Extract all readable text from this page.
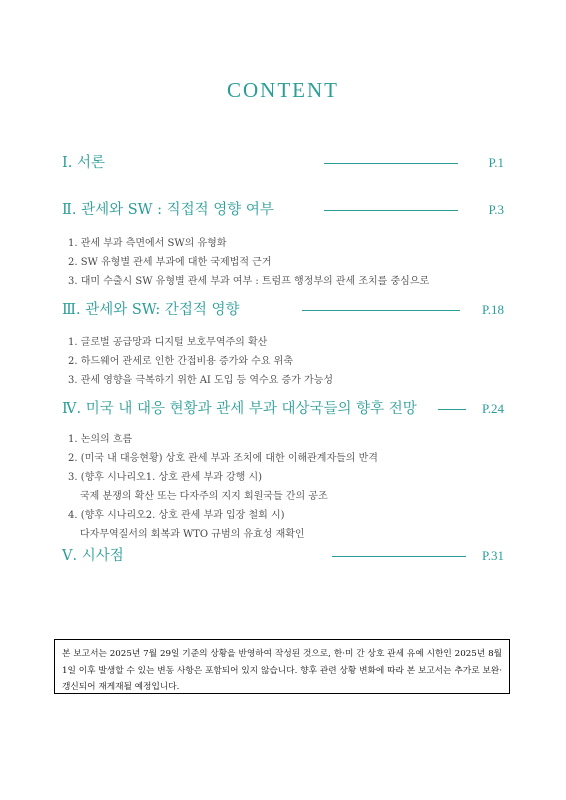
CONTENT
Ⅰ. 서론	P.1
Ⅱ. 관세와 SW : 직접적 영향 여부	P.3
1. 관세 부과 측면에서 SW의 유형화
2. SW 유형별 관세 부과에 대한 국제법적 근거
3. 대미 수출시 SW 유형별 관세 부과 여부 : 트럼프 행정부의 관세 조치를 중심으로
Ⅲ. 관세와 SW: 간접적 영향	P.18
1. 글로벌 공급망과 디지털 보호무역주의 확산
2. 하드웨어 관세로 인한 간접비용 증가와 수요 위축
3. 관세 영향을 극복하기 위한 AI 도입 등 역수요 증가 가능성
Ⅳ. 미국 내 대응 현황과 관세 부과 대상국들의 향후 전망	P.24
1. 논의의 흐름
2. (미국 내 대응현황) 상호 관세 부과 조치에 대한 이해관계자들의 반격
3. (향후 시나리오1. 상호 관세 부과 강행 시)
국제 분쟁의 확산 또는 다자주의 지지 회원국들 간의 공조
4. (향후 시나리오2. 상호 관세 부과 입장 철회 시)
다자무역질서의 회복과 WTO 규범의 유효성 재확인
Ⅴ. 시사점	P.31
본 보고서는 2025년 7월 29일 기준의 상황을 반영하여 작성된 것으로, 한·미 간 상호 관세 유예 시한인 2025년 8월 1일 이후 발생할 수 있는 변동 사항은 포함되어 있지 않습니다. 향후 관련 상황 변화에 따라 본 보고서는 추가로 보완·갱신되어 재게재될 예정입니다.
